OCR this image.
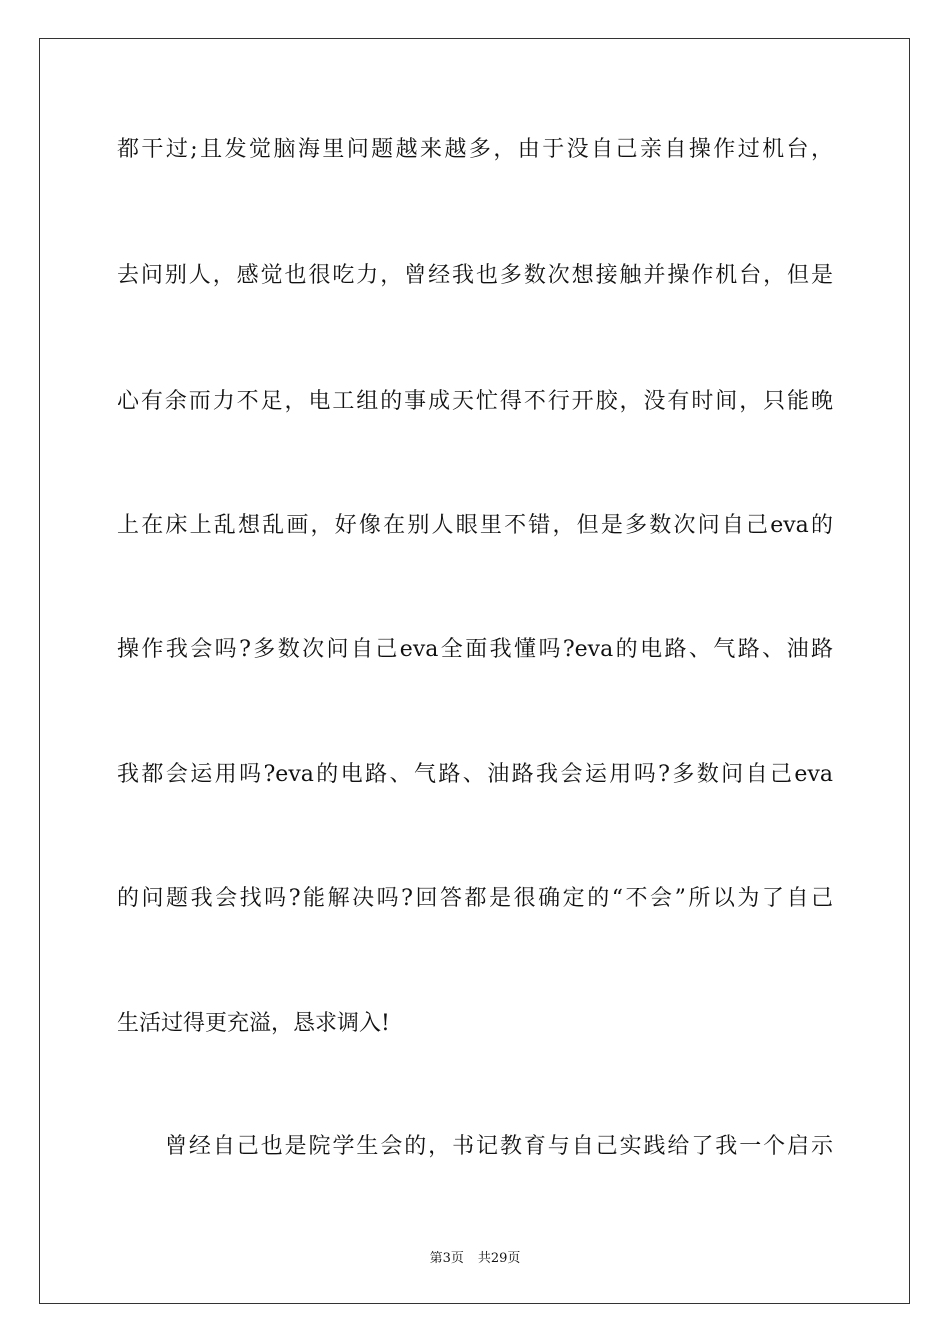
都干过;且发觉脑海里问题越来越多，由于没自己亲自操作过机台，
去问别人，感觉也很吃力，曾经我也多数次想接触并操作机台，但是
心有余而力不足，电工组的事成天忙得不行开胶，没有时间，只能晚
上在床上乱想乱画，好像在别人眼里不错，但是多数次问自己eva的
操作我会吗?多数次问自己eva全面我懂吗?eva的电路、气路、油路
我都会运用吗?eva的电路、气路、油路我会运用吗?多数问自己eva
的问题我会找吗?能解决吗?回答都是很确定的“不会”所以为了自己
生活过得更充溢，恳求调入!
曾经自己也是院学生会的，书记教育与自己实践给了我一个启示
第3页 共29页
